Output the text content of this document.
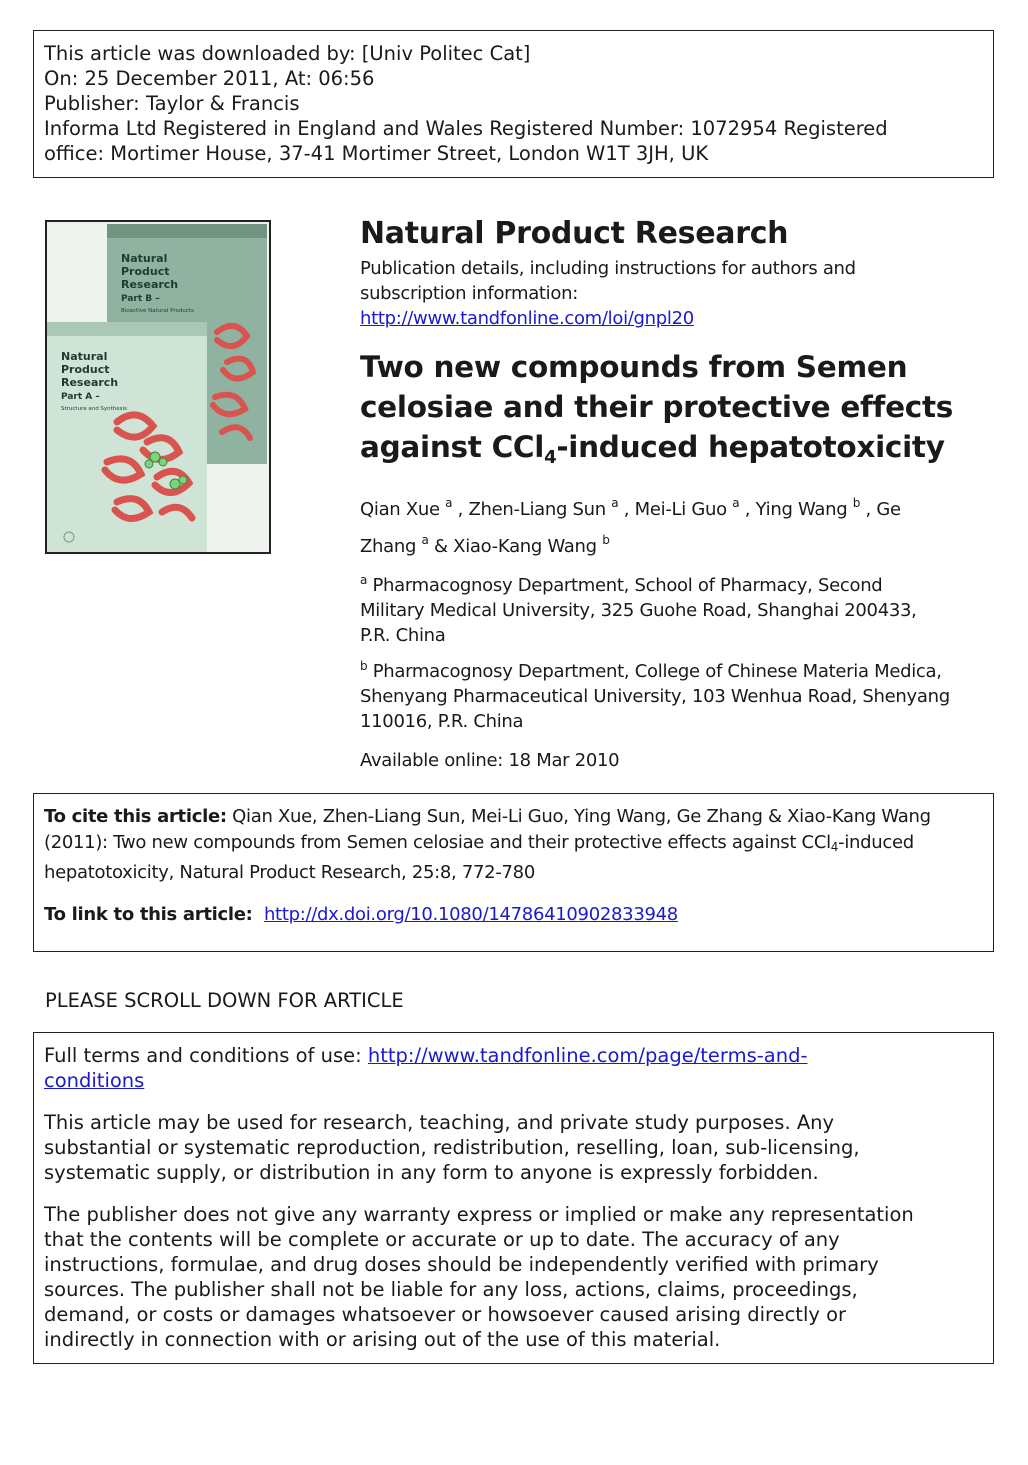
This article was downloaded by: [Univ Politec Cat]
On: 25 December 2011, At: 06:56
Publisher: Taylor & Francis
Informa Ltd Registered in England and Wales Registered Number: 1072954 Registered
office: Mortimer House, 37-41 Mortimer Street, London W1T 3JH, UK
Natural
Product
Research
Part B –
Bioactive Natural Products
Natural
Product
Research
Part A –
Structure and Synthesis
Natural Product Research
Publication details, including instructions for authors and
subscription information:
http://www.tandfonline.com/loi/gnpl20
Two new compounds from Semen
celosiae and their protective effects
against CCl$_4$-induced hepatotoxicity
Qian Xue $^a$ , Zhen-Liang Sun $^a$ , Mei-Li Guo $^a$ , Ying Wang $^b$ , Ge
Zhang $^a$ & Xiao-Kang Wang $^b$
$^a$ Pharmacognosy Department, School of Pharmacy, Second
Military Medical University, 325 Guohe Road, Shanghai 200433,
P.R. China
$^b$ Pharmacognosy Department, College of Chinese Materia Medica,
Shenyang Pharmaceutical University, 103 Wenhua Road, Shenyang
110016, P.R. China
Available online: 18 Mar 2010
To cite this article: Qian Xue, Zhen-Liang Sun, Mei-Li Guo, Ying Wang, Ge Zhang & Xiao-Kang Wang
(2011): Two new compounds from Semen celosiae and their protective effects against CCl$_4$-induced
hepatotoxicity, Natural Product Research, 25:8, 772-780
To link to this article:  http://dx.doi.org/10.1080/14786410902833948
PLEASE SCROLL DOWN FOR ARTICLE

Full terms and conditions of use: http://www.tandfonline.com/page/terms-and-
conditions

This article may be used for research, teaching, and private study purposes. Any
substantial or systematic reproduction, redistribution, reselling, loan, sub-licensing,
systematic supply, or distribution in any form to anyone is expressly forbidden.

The publisher does not give any warranty express or implied or make any representation
that the contents will be complete or accurate or up to date. The accuracy of any
instructions, formulae, and drug doses should be independently verified with primary
sources. The publisher shall not be liable for any loss, actions, claims, proceedings,
demand, or costs or damages whatsoever or howsoever caused arising directly or
indirectly in connection with or arising out of the use of this material.
